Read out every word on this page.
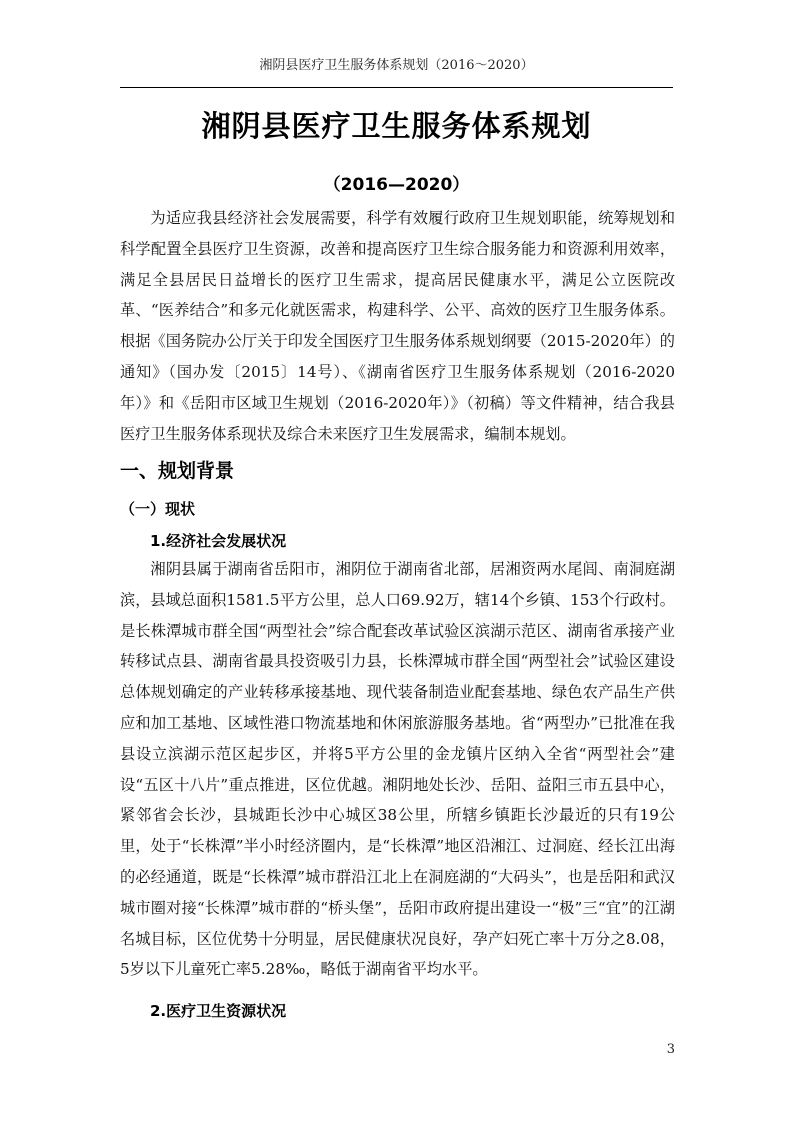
湘阴县医疗卫生服务体系规划（2016～2020）
湘阴县医疗卫生服务体系规划
（2016—2020）

为适应我县经济社会发展需要，科学有效履行政府卫生规划职能，统筹规划和科学配置全县医疗卫生资源，改善和提高医疗卫生综合服务能力和资源利用效率，满足全县居民日益增长的医疗卫生需求，提高居民健康水平，满足公立医院改革、“医养结合”和多元化就医需求，构建科学、公平、高效的医疗卫生服务体系。根据《国务院办公厅关于印发全国医疗卫生服务体系规划纲要（2015-2020年）的通知》（国办发〔2015〕14号）、《湖南省医疗卫生服务体系规划（2016-2020年）》和《岳阳市区域卫生规划（2016-2020年）》（初稿）等文件精神，结合我县医疗卫生服务体系现状及综合未来医疗卫生发展需求，编制本规划。

一、规划背景
（一）现状
1.经济社会发展状况

湘阴县属于湖南省岳阳市，湘阴位于湖南省北部，居湘资两水尾闾、南洞庭湖滨，县域总面积1581.5平方公里，总人口69.92万，辖14个乡镇、153个行政村。是长株潭城市群全国“两型社会”综合配套改革试验区滨湖示范区、湖南省承接产业转移试点县、湖南省最具投资吸引力县，长株潭城市群全国“两型社会”试验区建设总体规划确定的产业转移承接基地、现代装备制造业配套基地、绿色农产品生产供应和加工基地、区域性港口物流基地和休闲旅游服务基地。省“两型办”已批准在我县设立滨湖示范区起步区，并将5平方公里的金龙镇片区纳入全省“两型社会”建设“五区十八片”重点推进，区位优越。湘阴地处长沙、岳阳、益阳三市五县中心，紧邻省会长沙，县城距长沙中心城区38公里，所辖乡镇距长沙最近的只有19公里，处于“长株潭”半小时经济圈内，是“长株潭”地区沿湘江、过洞庭、经长江出海的必经通道，既是“长株潭”城市群沿江北上在洞庭湖的“大码头”，也是岳阳和武汉城市圈对接“长株潭”城市群的“桥头堡”，岳阳市政府提出建设一“极”三“宜”的江湖名城目标，区位优势十分明显，居民健康状况良好，孕产妇死亡率十万分之8.08，5岁以下儿童死亡率5.28‰，略低于湖南省平均水平。

2.医疗卫生资源状况
3
